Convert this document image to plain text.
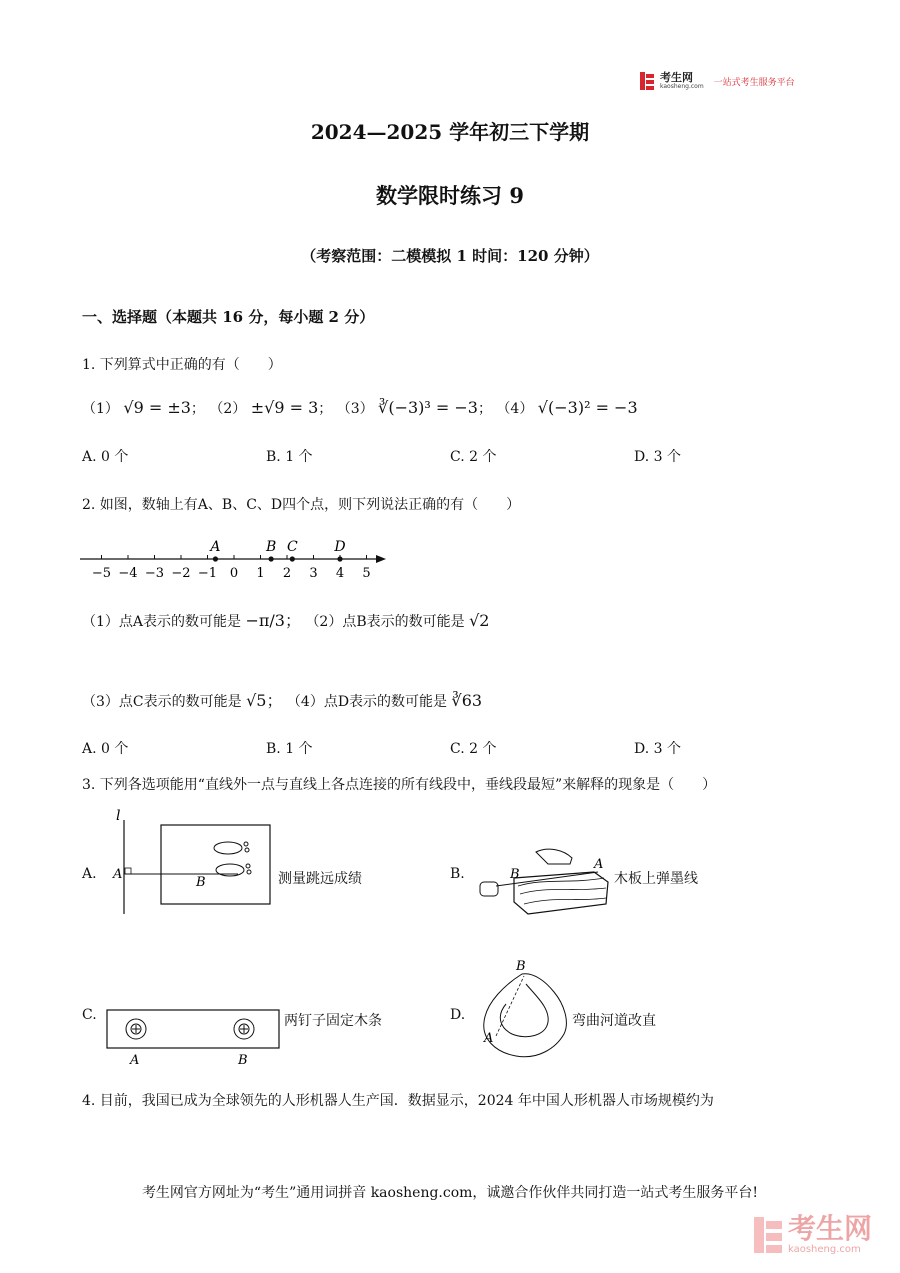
考生网
kaosheng.com 一站式考生服务平台
2024—2025 学年初三下学期
数学限时练习 9
（考察范围：二模模拟 1 时间：120 分钟）
一、选择题（本题共 16 分，每小题 2 分）
1. 下列算式中正确的有（　　）
（1） √9 = ±3； （2） ±√9 = 3； （3） ∛(−3)³ = −3； （4） √(−3)² = −3
A. 0 个	B. 1 个	C. 2 个	D. 3 个
2. 如图，数轴上有A、B、C、D四个点，则下列说法正确的有（　　）
−5 −4 −3 −2 −1 0 1 2 3 4 5
A	B C	D
（1）点A表示的数可能是 −π/3； （2）点B表示的数可能是 √2
（3）点C表示的数可能是 √5； （4）点D表示的数可能是 ∛63
A. 0 个	B. 1 个	C. 2 个	D. 3 个
3. 下列各选项能用“直线外一点与直线上各点连接的所有线段中，垂线段最短”来解释的现象是（　　）
A.
l
A
B	测量跳远成绩	B.	B
A
木板上弹墨线
C.
A	B
两钉子固定木条	D.
B
A
弯曲河道改直
4. 目前，我国已成为全球领先的人形机器人生产国．数据显示，2024 年中国人形机器人市场规模约为
考生网官方网址为“考生”通用词拼音 kaosheng.com，诚邀合作伙伴共同打造一站式考生服务平台!
考生网
kaosheng.com
